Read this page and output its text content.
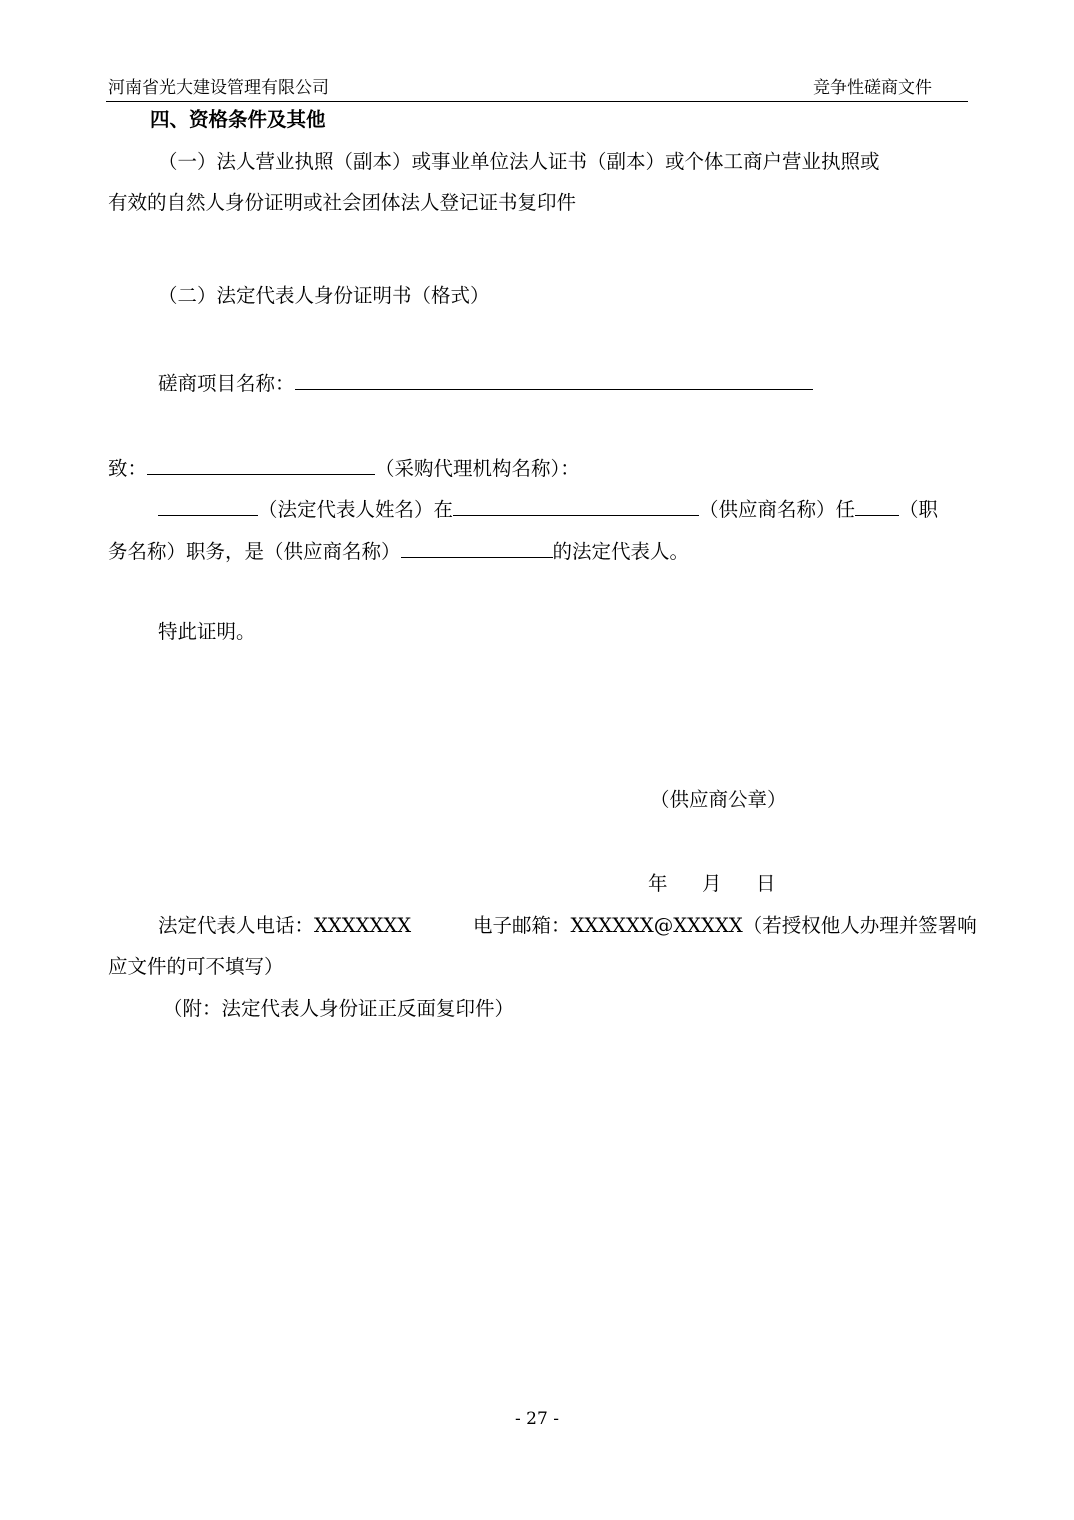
河南省光大建设管理有限公司	竞争性磋商文件
四、资格条件及其他
（一）法人营业执照（副本）或事业单位法人证书（副本）或个体工商户营业执照或
有效的自然人身份证明或社会团体法人登记证书复印件
（二）法定代表人身份证明书（格式）
磋商项目名称：
致：	（采购代理机构名称）：
（法定代表人姓名）在	（供应商名称）任 （职
务名称）职务，是（供应商名称）	的法定代表人。
特此证明。
（供应商公章）
年 月 日
法定代表人电话：XXXXXXX	电子邮箱：XXXXXX@XXXXX（若授权他人办理并签署响
应文件的可不填写）
（附：法定代表人身份证正反面复印件）
- 27 -
